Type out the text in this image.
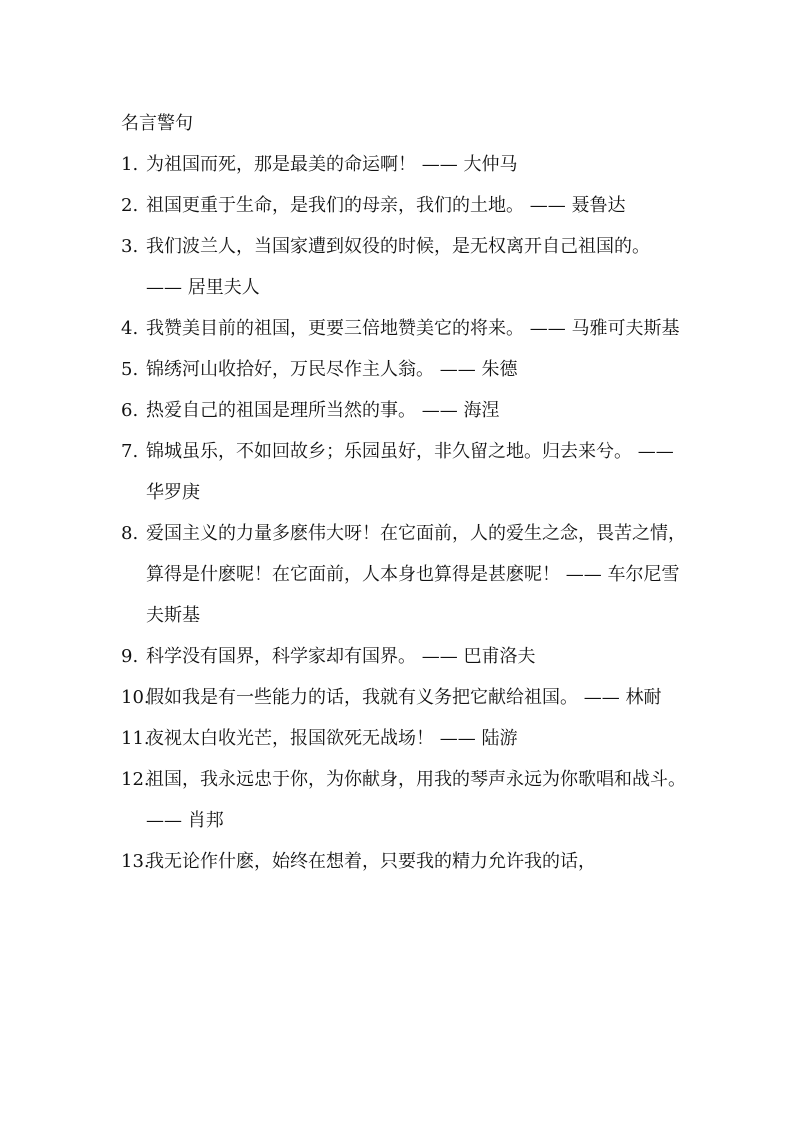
名言警句
1. 为祖国而死，那是最美的命运啊！ —— 大仲马
2. 祖国更重于生命，是我们的母亲，我们的土地。 —— 聂鲁达
3. 我们波兰人，当国家遭到奴役的时候，是无权离开自己祖国的。 —— 居里夫人
4. 我赞美目前的祖国，更要三倍地赞美它的将来。 —— 马雅可夫斯基
5. 锦绣河山收拾好，万民尽作主人翁。 —— 朱德
6. 热爱自己的祖国是理所当然的事。 —— 海涅
7. 锦城虽乐，不如回故乡；乐园虽好，非久留之地。归去来兮。 —— 华罗庚
8. 爱国主义的力量多麽伟大呀！在它面前，人的爱生之念，畏苦之情，算得是什麽呢！在它面前，人本身也算得是甚麽呢！ —— 车尔尼雪夫斯基
9. 科学没有国界，科学家却有国界。 —— 巴甫洛夫
10.
假如我是有一些能力的话，我就有义务把它献给祖国。 —— 林耐
11.
夜视太白收光芒，报国欲死无战场！ —— 陆游
12.
祖国，我永远忠于你，为你献身，用我的琴声永远为你歌唱和战斗。 —— 肖邦
13.
我无论作什麽，始终在想着，只要我的精力允许我的话，
